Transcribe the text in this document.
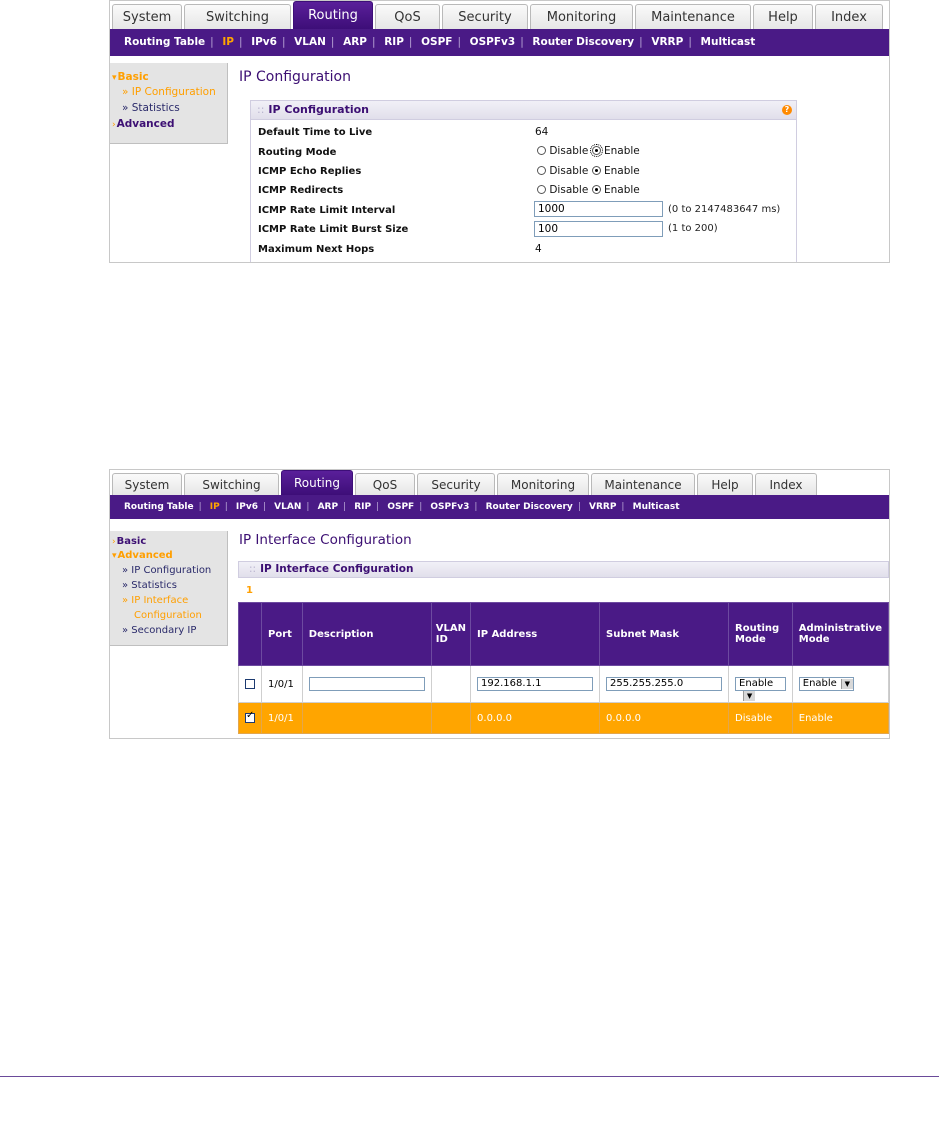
System	Switching	Routing	QoS	Security	Monitoring	Maintenance	Help	Index
Routing Table | IP | IPv6 | VLAN | ARP | RIP | OSPF | OSPFv3 | Router Discovery | VRRP | Multicast
▾Basic
» IP Configuration
» Statistics
›Advanced
IP Configuration
:: IP Configuration	?
Default Time to Live	64
Routing Mode	Disable Enable
ICMP Echo Replies	Disable Enable
ICMP Redirects	Disable Enable
ICMP Rate Limit Interval	1000	(0 to 2147483647 ms)
ICMP Rate Limit Burst Size	100	(1 to 200)
Maximum Next Hops	4
System	Switching	Routing	QoS	Security	Monitoring	Maintenance	Help	Index
Routing Table | IP | IPv6 | VLAN | ARP | RIP | OSPF | OSPFv3 | Router Discovery | VRRP | Multicast
›Basic
▾Advanced
» IP Configuration
» Statistics
» IP Interface
Configuration
» Secondary IP
IP Interface Configuration
:: IP Interface Configuration
1
	Port	Description	VLAN ID	IP Address	Subnet Mask	Routing Mode	Administrative Mode
	1/0/1			192.168.1.1	255.255.255.0	Enable▼	Enable ▼
✓	1/0/1			0.0.0.0	0.0.0.0	Disable	Enable
